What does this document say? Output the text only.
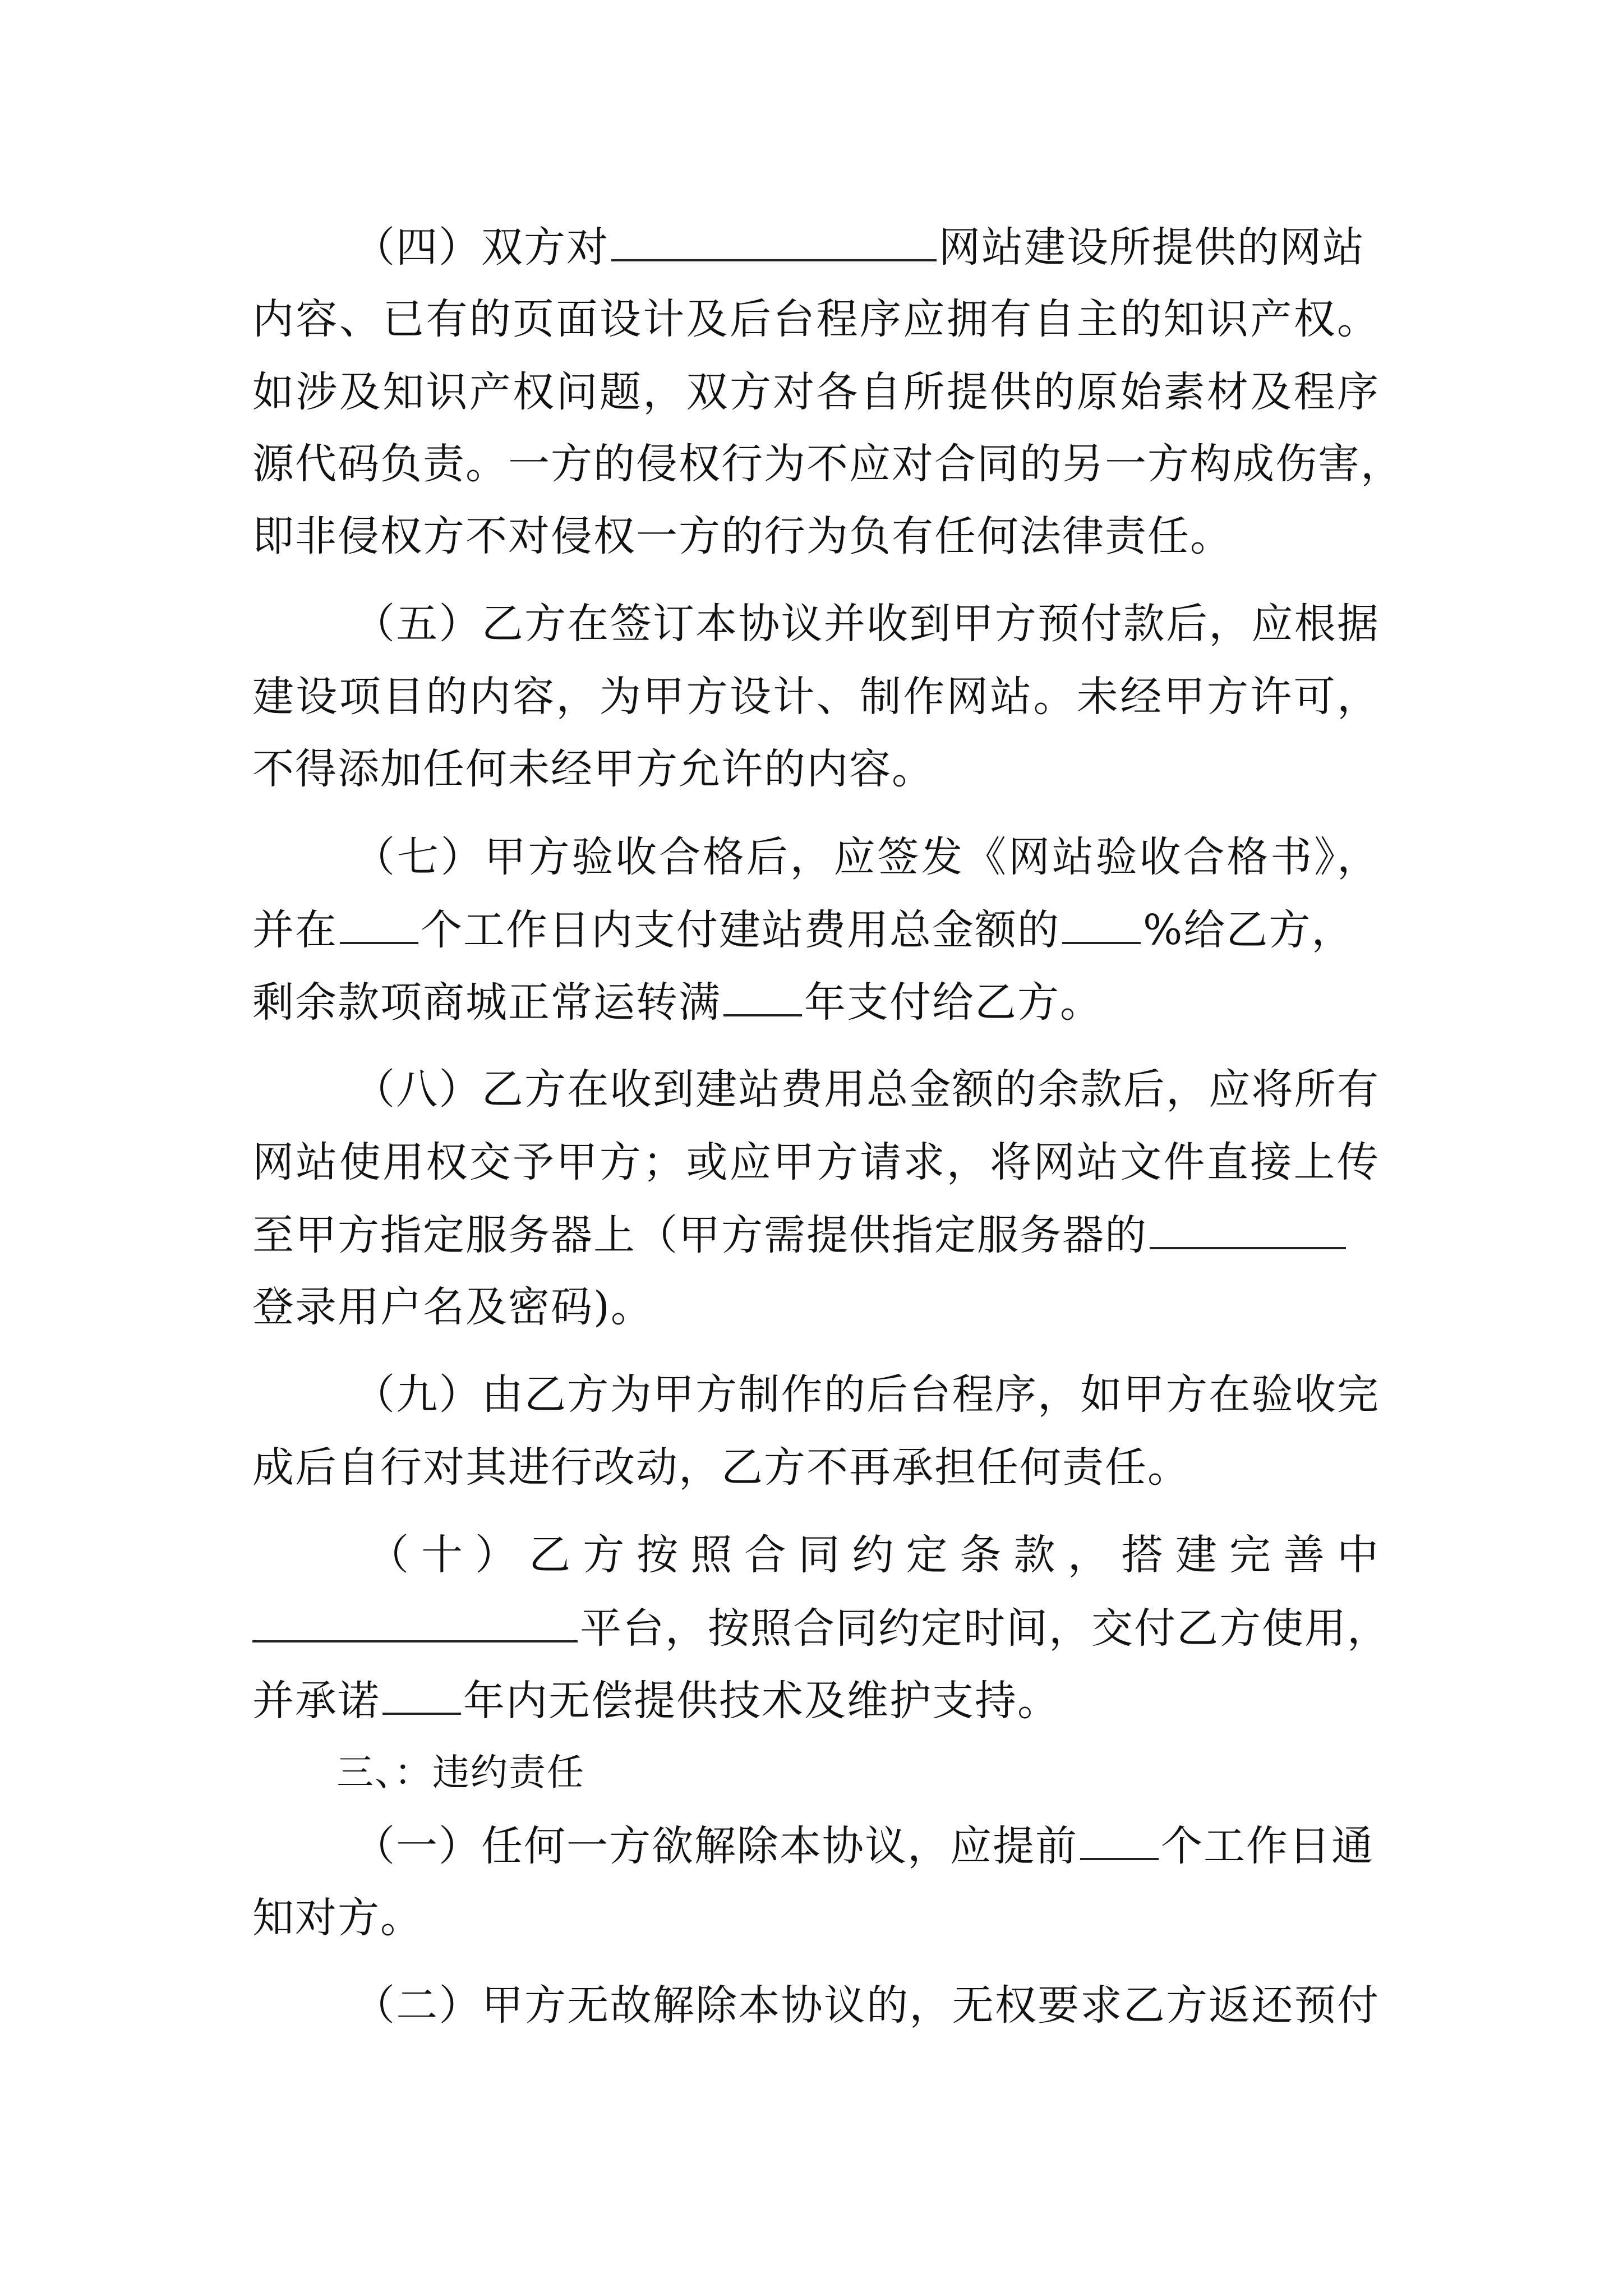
（四）双方对	网站建设所提供的网站
内容、已有的页面设计及后台程序应拥有自主的知识产权。
如涉及知识产权问题，双方对各自所提供的原始素材及程序
源代码负责。一方的侵权行为不应对合同的另一方构成伤害，
即非侵权方不对侵权一方的行为负有任何法律责任。
（五）乙方在签订本协议并收到甲方预付款后，应根据
建设项目的内容，为甲方设计、制作网站。未经甲方许可，
不得添加任何未经甲方允许的内容。
（七）甲方验收合格后，应签发《网站验收合格书》，
并在 个工作日内支付建站费用总金额的 %给乙方，
剩余款项商城正常运转满 年支付给乙方。
（八）乙方在收到建站费用总金额的余款后，应将所有
网站使用权交予甲方；或应甲方请求，将网站文件直接上传
至甲方指定服务器上（甲方需提供指定服务器的
登录用户名及密码)。
（九）由乙方为甲方制作的后台程序，如甲方在验收完
成后自行对其进行改动，乙方不再承担任何责任。
（十）乙方按照合同约定条款，搭建完善中
平台，按照合同约定时间，交付乙方使用，
并承诺 年内无偿提供技术及维护支持。
三、：违约责任
（一）任何一方欲解除本协议，应提前 个工作日通
知对方。
（二）甲方无故解除本协议的，无权要求乙方返还预付
